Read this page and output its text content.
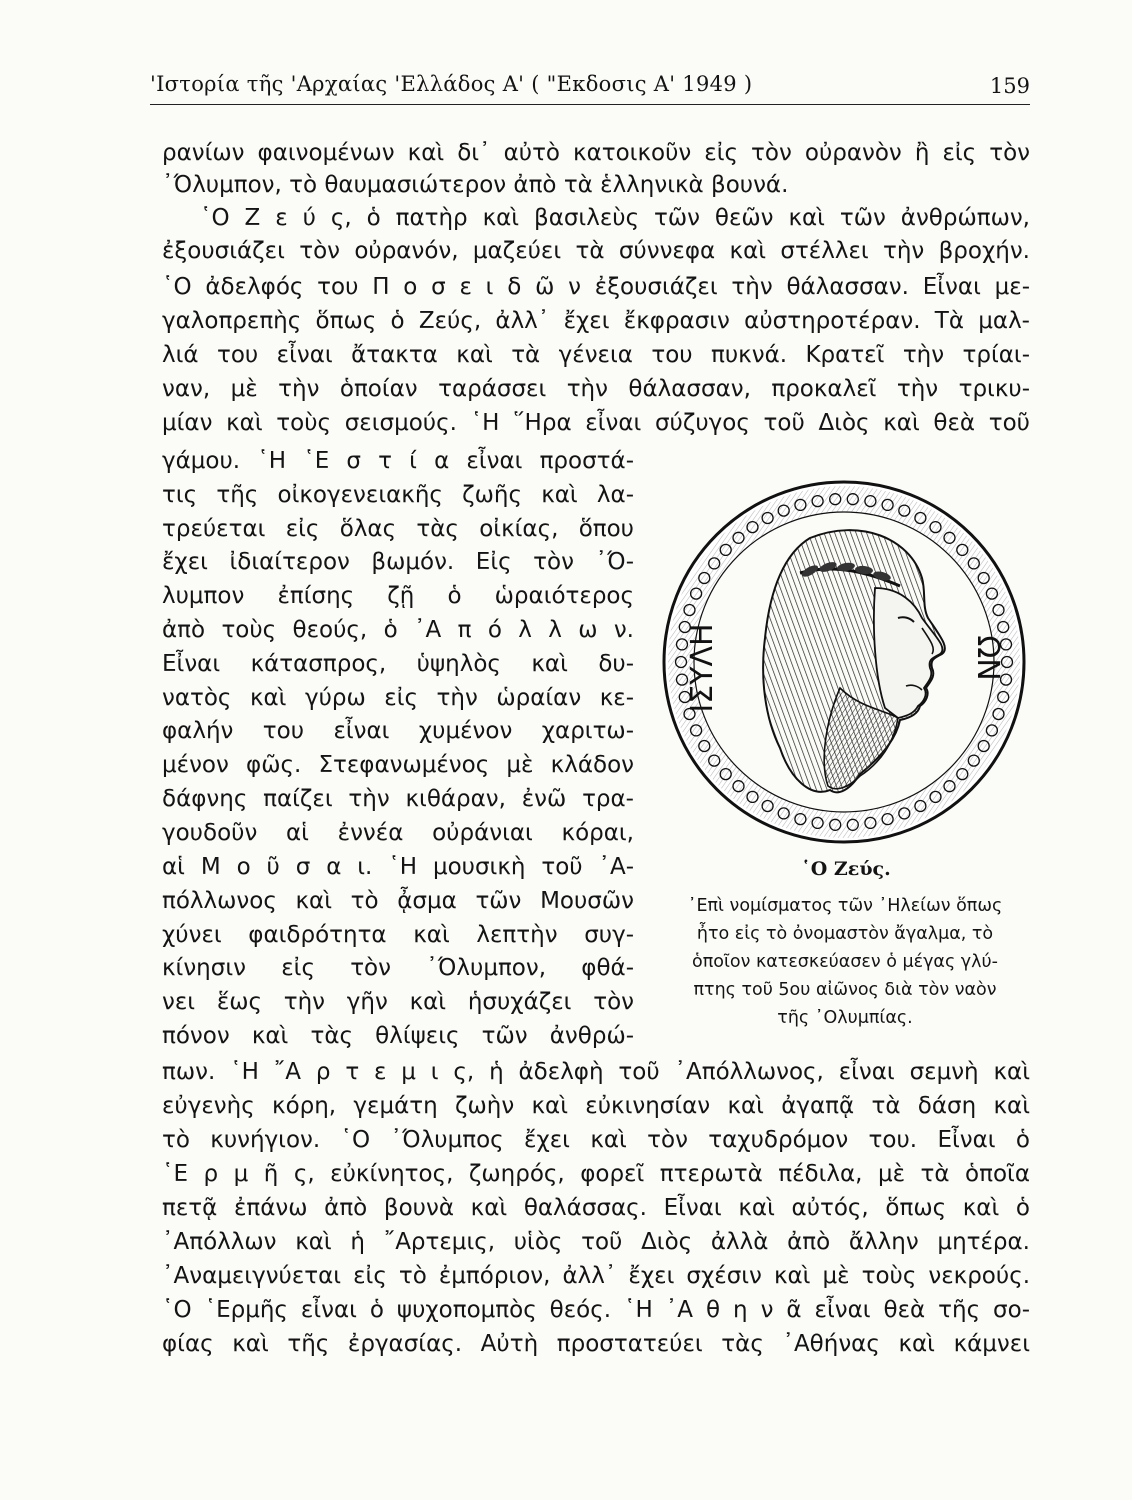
'Ιστορία τῆς 'Αρχαίας 'Ελλάδος Α' ( "Εκδοσις Α' 1949 )	159
ρανίων φαινομένων καὶ δι᾿ αὐτὸ κατοικοῦν εἰς τὸν οὐρανὸν ἢ εἰς τὸν
᾿Όλυμπον, τὸ θαυμασιώτερον ἀπὸ τὰ ἑλληνικὰ βουνά.
῾Ο Ζ ε ύ ς, ὁ πατὴρ καὶ βασιλεὺς τῶν θεῶν καὶ τῶν ἀνθρώπων,
ἐξουσιάζει τὸν οὐρανόν, μαζεύει τὰ σύννεφα καὶ στέλλει τὴν βροχήν.
῾Ο ἀδελφός του Π ο σ ε ι δ ῶ ν ἐξουσιάζει τὴν θάλασσαν. Εἶναι με-
γαλοπρεπὴς ὅπως ὁ Ζεύς, ἀλλ᾿ ἔχει ἔκφρασιν αὐστηροτέραν. Τὰ μαλ-
λιά του εἶναι ἄτακτα καὶ τὰ γένεια του πυκνά. Κρατεῖ τὴν τρίαι-
ναν, μὲ τὴν ὁποίαν ταράσσει τὴν θάλασσαν, προκαλεῖ τὴν τρικυ-
μίαν καὶ τοὺς σεισμούς. ῾Η ῞Ηρα εἶναι σύζυγος τοῦ Διὸς καὶ θεὰ τοῦ
γάμου. ῾Η ῾Ε σ τ ί α εἶναι προστά-
τις τῆς οἰκογενειακῆς ζωῆς καὶ λα-
τρεύεται εἰς ὅλας τὰς οἰκίας, ὅπου
ἔχει ἰδιαίτερον βωμόν. Εἰς τὸν ᾿Ό-
λυμπον ἐπίσης ζῇ ὁ ὡραιότερος
ἀπὸ τοὺς θεούς, ὁ ᾿Α π ό λ λ ω ν.
Εἶναι κάτασπρος, ὑψηλὸς καὶ δυ-
νατὸς καὶ γύρω εἰς τὴν ὡραίαν κε-
φαλήν του εἶναι χυμένον χαριτω-
μένον φῶς. Στεφανωμένος μὲ κλάδον
δάφνης παίζει τὴν κιθάραν, ἐνῶ τρα-
γουδοῦν αἱ ἐννέα οὐράνιαι κόραι,
αἱ Μ ο ῦ σ α ι. ῾Η μουσικὴ τοῦ ᾿Α-
πόλλωνος καὶ τὸ ᾆσμα τῶν Μουσῶν
χύνει φαιδρότητα καὶ λεπτὴν συγ-
κίνησιν εἰς τὸν ᾿Όλυμπον, φθά-
νει ἕως τὴν γῆν καὶ ἡσυχάζει τὸν
πόνον καὶ τὰς θλίψεις τῶν ἀνθρώ-
πων. ῾Η ῎Α ρ τ ε μ ι ς, ἡ ἀδελφὴ τοῦ ᾿Απόλλωνος, εἶναι σεμνὴ καὶ
εὐγενὴς κόρη, γεμάτη ζωὴν καὶ εὐκινησίαν καὶ ἀγαπᾷ τὰ δάση καὶ
τὸ κυνήγιον. ῾Ο ᾿Όλυμπος ἔχει καὶ τὸν ταχυδρόμον του. Εἶναι ὁ
῾Ε ρ μ ῆ ς, εὐκίνητος, ζωηρός, φορεῖ πτερωτὰ πέδιλα, μὲ τὰ ὁποῖα
πετᾷ ἐπάνω ἀπὸ βουνὰ καὶ θαλάσσας. Εἶναι καὶ αὐτός, ὅπως καὶ ὁ
᾿Απόλλων καὶ ἡ ῎Αρτεμις, υἱὸς τοῦ Διὸς ἀλλὰ ἀπὸ ἄλλην μητέρα.
᾿Αναμειγνύεται εἰς τὸ ἐμπόριον, ἀλλ᾿ ἔχει σχέσιν καὶ μὲ τοὺς νεκρούς.
῾Ο ῾Ερμῆς εἶναι ὁ ψυχοπομπὸς θεός. ῾Η ᾿Α θ η ν ᾶ εἶναι θεὰ τῆς σο-
φίας καὶ τῆς ἐργασίας. Αὐτὴ προστατεύει τὰς ᾿Αθήνας καὶ κάμνει
ΙΣΥΛΗ	ΩΝ
῾Ο Ζεύς.
᾿Επὶ νομίσματος τῶν ᾿Ηλείων ὅπως
ἦτο εἰς τὸ ὀνομαστὸν ἄγαλμα, τὸ
ὁποῖον κατεσκεύασεν ὁ μέγας γλύ-
πτης τοῦ 5ου αἰῶνος διὰ τὸν ναὸν
τῆς ᾿Ολυμπίας.
